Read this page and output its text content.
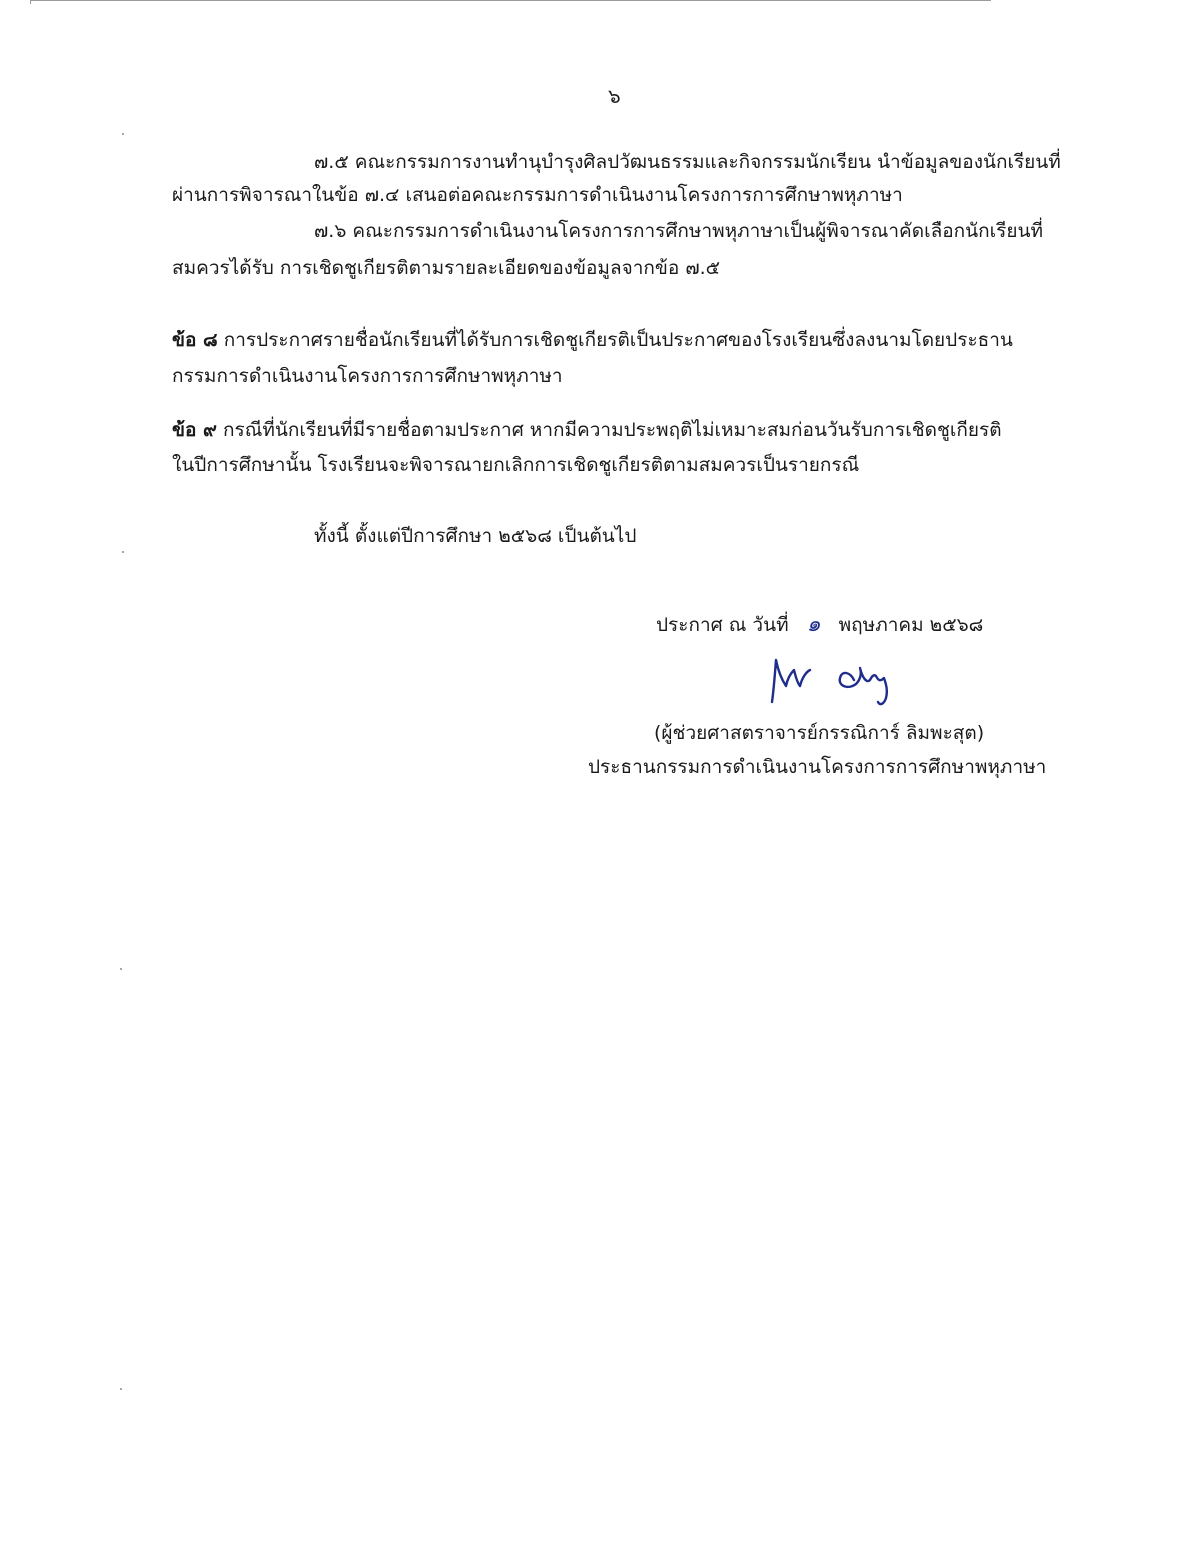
๖
๗.๕ คณะกรรมการงานทำนุบำรุงศิลปวัฒนธรรมและกิจกรรมนักเรียน นำข้อมูลของนักเรียนที่
ผ่านการพิจารณาในข้อ ๗.๔ เสนอต่อคณะกรรมการดำเนินงานโครงการการศึกษาพหุภาษา
๗.๖ คณะกรรมการดำเนินงานโครงการการศึกษาพหุภาษาเป็นผู้พิจารณาคัดเลือกนักเรียนที่
สมควรได้รับ การเชิดชูเกียรติตามรายละเอียดของข้อมูลจากข้อ ๗.๕
ข้อ ๘ การประกาศรายชื่อนักเรียนที่ได้รับการเชิดชูเกียรติเป็นประกาศของโรงเรียนซึ่งลงนามโดยประธาน
กรรมการดำเนินงานโครงการการศึกษาพหุภาษา
ข้อ ๙ กรณีที่นักเรียนที่มีรายชื่อตามประกาศ หากมีความประพฤติไม่เหมาะสมก่อนวันรับการเชิดชูเกียรติ
ในปีการศึกษานั้น โรงเรียนจะพิจารณายกเลิกการเชิดชูเกียรติตามสมควรเป็นรายกรณี
ทั้งนี้ ตั้งแต่ปีการศึกษา ๒๕๖๘ เป็นต้นไป
ประกาศ ณ วันที่ ๑ พฤษภาคม ๒๕๖๘
(ผู้ช่วยศาสตราจารย์กรรณิการ์ ลิมพะสุต)
ประธานกรรมการดำเนินงานโครงการการศึกษาพหุภาษา
